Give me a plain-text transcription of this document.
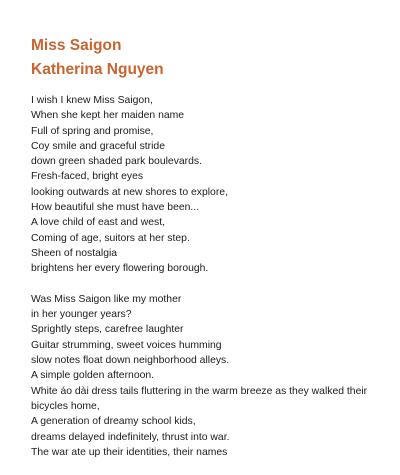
Miss Saigon
Katherina Nguyen
I wish I knew Miss Saigon,
When she kept her maiden name
Full of spring and promise,
Coy smile and graceful stride
down green shaded park boulevards.
Fresh-faced, bright eyes
looking outwards at new shores to explore,
How beautiful she must have been...
A love child of east and west,
Coming of age, suitors at her step.
Sheen of nostalgia
brightens her every flowering borough.
Was Miss Saigon like my mother
in her younger years?
Sprightly steps, carefree laughter
Guitar strumming, sweet voices humming
slow notes float down neighborhood alleys.
A simple golden afternoon.
White áo dài dress tails fluttering in the warm breeze as they walked their bicycles home,
A generation of dreamy school kids,
dreams delayed indefinitely, thrust into war.
The war ate up their identities, their names
